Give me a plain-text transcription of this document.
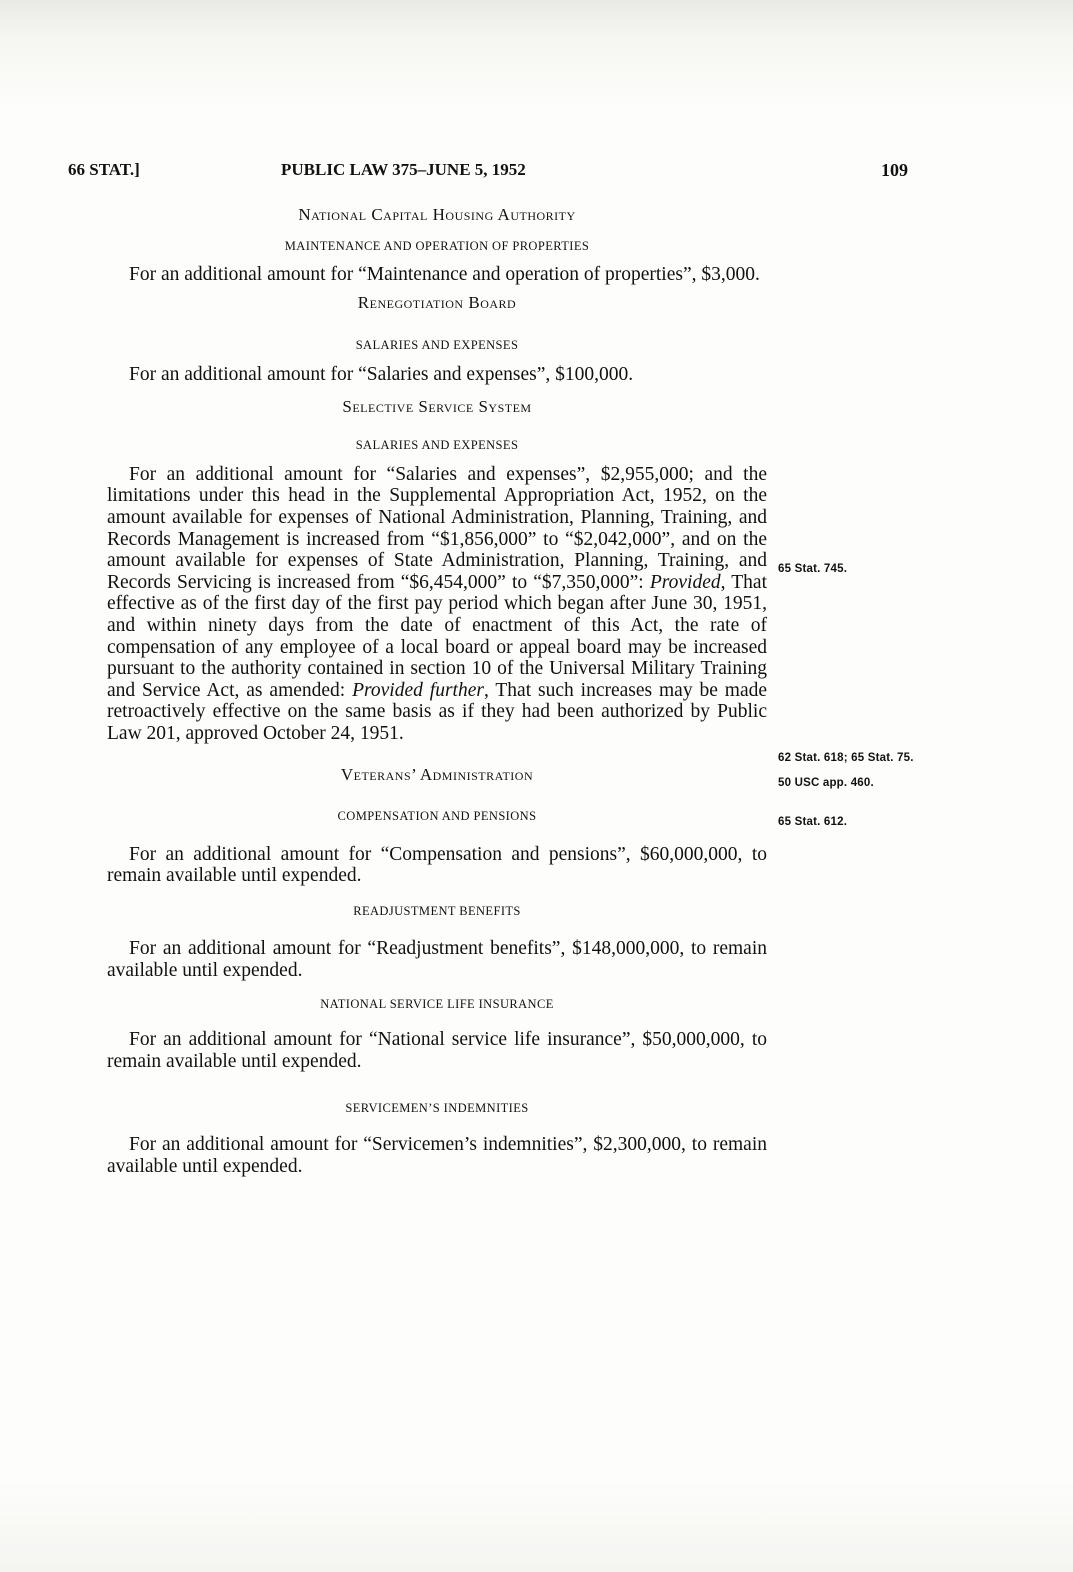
66 STAT.]	PUBLIC LAW 375–JUNE 5, 1952	109
National Capital Housing Authority
MAINTENANCE AND OPERATION OF PROPERTIES

For an additional amount for “Maintenance and operation of properties”, $3,000.

Renegotiation Board
SALARIES AND EXPENSES

For an additional amount for “Salaries and expenses”, $100,000.

Selective Service System
SALARIES AND EXPENSES

For an additional amount for “Salaries and expenses”, $2,955,000; and the limitations under this head in the Supplemental Appropriation Act, 1952, on the amount available for expenses of National Administration, Planning, Training, and Records Management is increased from “$1,856,000” to “$2,042,000”, and on the amount available for expenses of State Administration, Planning, Training, and Records Servicing is increased from “$6,454,000” to “$7,350,000”: Provided, That effective as of the first day of the first pay period which began after June 30, 1951, and within ninety days from the date of enactment of this Act, the rate of compensation of any employee of a local board or appeal board may be increased pursuant to the authority contained in section 10 of the Universal Military Training and Service Act, as amended: Provided further, That such increases may be made retroactively effective on the same basis as if they had been authorized by Public Law 201, approved October 24, 1951.

Veterans’ Administration
COMPENSATION AND PENSIONS

For an additional amount for “Compensation and pensions”, $60,000,000, to remain available until expended.

READJUSTMENT BENEFITS

For an additional amount for “Readjustment benefits”, $148,000,000, to remain available until expended.

NATIONAL SERVICE LIFE INSURANCE

For an additional amount for “National service life insurance”, $50,000,000, to remain available until expended.

SERVICEMEN’S INDEMNITIES

For an additional amount for “Servicemen’s indemnities”, $2,300,000, to remain available until expended.

65 Stat. 745.
62 Stat. 618; 65 Stat. 75.
50 USC app. 460.
65 Stat. 612.
